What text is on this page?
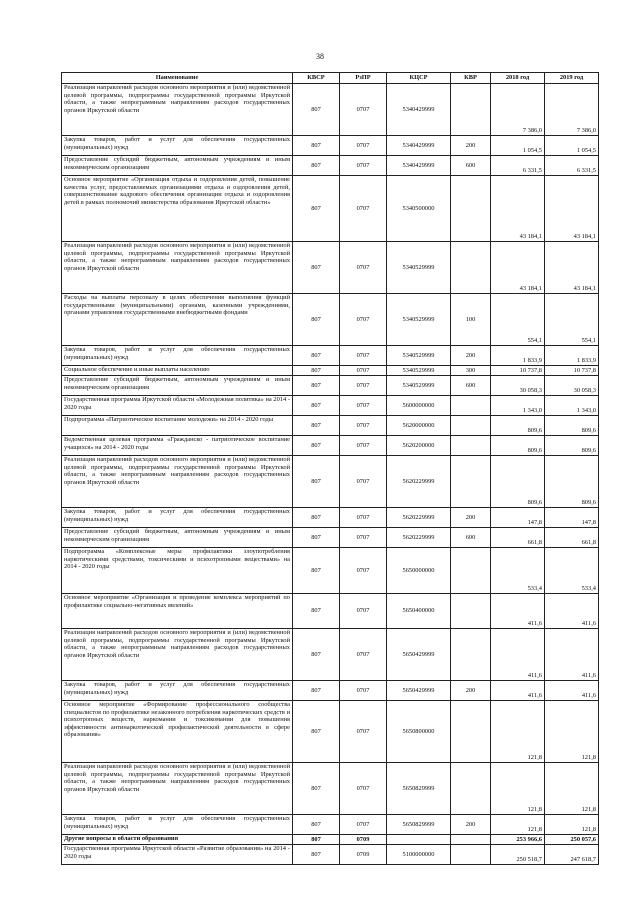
38
Наименование	КВСР	РзПР	КЦСР	КВР	2018 год	2019 год
Реализация направлений расходов основного мероприятия и (или) ведомственной целевой программы, подпрограммы государственной программы Иркутской области, а также непрограммным направлениям расходов государственных органов Иркутской области	807	0707	5340429999		7 386,0	7 386,0
Закупка товаров, работ и услуг для обеспечения государственных (муниципальных) нужд	807	0707	5340429999	200	1 054,5	1 054,5
Предоставление субсидий бюджетным, автономным учреждениям и иным некоммерческим организациям	807	0707	5340429999	600	6 331,5	6 331,5
Основное мероприятие «Организация отдыха и оздоровления детей, повышение качества услуг, предоставляемых организациями отдыха и оздоровления детей, совершенствование кадрового обеспечения организации отдыха и оздоровления детей в рамках полномочий министерства образования Иркутской области»	807	0707	5340500000		43 184,1	43 184,1
Реализация направлений расходов основного мероприятия и (или) ведомственной целевой программы, подпрограммы государственной программы Иркутской области, а также непрограммным направлениям расходов государственных органов Иркутской области	807	0707	5340529999		43 184,1	43 184,1
Расходы на выплаты персоналу в целях обеспечения выполнения функций государственными (муниципальными) органами, казенными учреждениями, органами управления государственными внебюджетными фондами	807	0707	5340529999	100	554,1	554,1
Закупка товаров, работ и услуг для обеспечения государственных (муниципальных) нужд	807	0707	5340529999	200	1 833,9	1 833,9
Социальное обеспечение и иные выплаты населению	807	0707	5340529999	300	10 737,8	10 737,8
Предоставление субсидий бюджетным, автономным учреждениям и иным некоммерческим организациям	807	0707	5340529999	600	30 058,3	30 058,3
Государственная программа Иркутской области «Молодежная политика» на 2014 - 2020 годы	807	0707	5600000000		1 343,0	1 343,0
Подпрограмма «Патриотическое воспитание молодежи» на 2014 - 2020 годы	807	0707	5620000000		809,6	809,6
Ведомственная целевая программа «Гражданско - патриотическое воспитание учащихся» на 2014 - 2020 годы	807	0707	5620200000		809,6	809,6
Реализация направлений расходов основного мероприятия и (или) ведомственной целевой программы, подпрограммы государственной программы Иркутской области, а также непрограммным направлениям расходов государственных органов Иркутской области	807	0707	5620229999		809,6	809,6
Закупка товаров, работ и услуг для обеспечения государственных (муниципальных) нужд	807	0707	5620229999	200	147,8	147,8
Предоставление субсидий бюджетным, автономным учреждениям и иным некоммерческим организациям	807	0707	5620229999	600	661,8	661,8
Подпрограмма «Комплексные меры профилактики злоупотребления наркотическими средствами, токсическими и психотропными веществами» на 2014 - 2020 годы	807	0707	5650000000		533,4	533,4
Основное мероприятие «Организация и проведение комплекса мероприятий по профилактике социально-негативных явлений»	807	0707	5650400000		411,6	411,6
Реализация направлений расходов основного мероприятия и (или) ведомственной целевой программы, подпрограммы государственной программы Иркутской области, а также непрограммным направлениям расходов государственных органов Иркутской области	807	0707	5650429999		411,6	411,6
Закупка товаров, работ и услуг для обеспечения государственных (муниципальных) нужд	807	0707	5650429999	200	411,6	411,6
Основное мероприятие «Формирование профессионального сообщества специалистов по профилактике незаконного потребления наркотических средств и психотропных веществ, наркомании и токсикомании для повышения эффективности антинаркотической профилактической деятельности в сфере образования»	807	0707	5650800000		121,8	121,8
Реализация направлений расходов основного мероприятия и (или) ведомственной целевой программы, подпрограммы государственной программы Иркутской области, а также непрограммным направлениям расходов государственных органов Иркутской области	807	0707	5650829999		121,8	121,8
Закупка товаров, работ и услуг для обеспечения государственных (муниципальных) нужд	807	0707	5650829999	200	121,8	121,8
Другие вопросы в области образования	807	0709			253 966,6	250 057,6
Государственная программа Иркутской области «Развитие образования» на 2014 - 2020 годы	807	0709	5100000000		250 518,7	247 618,7
